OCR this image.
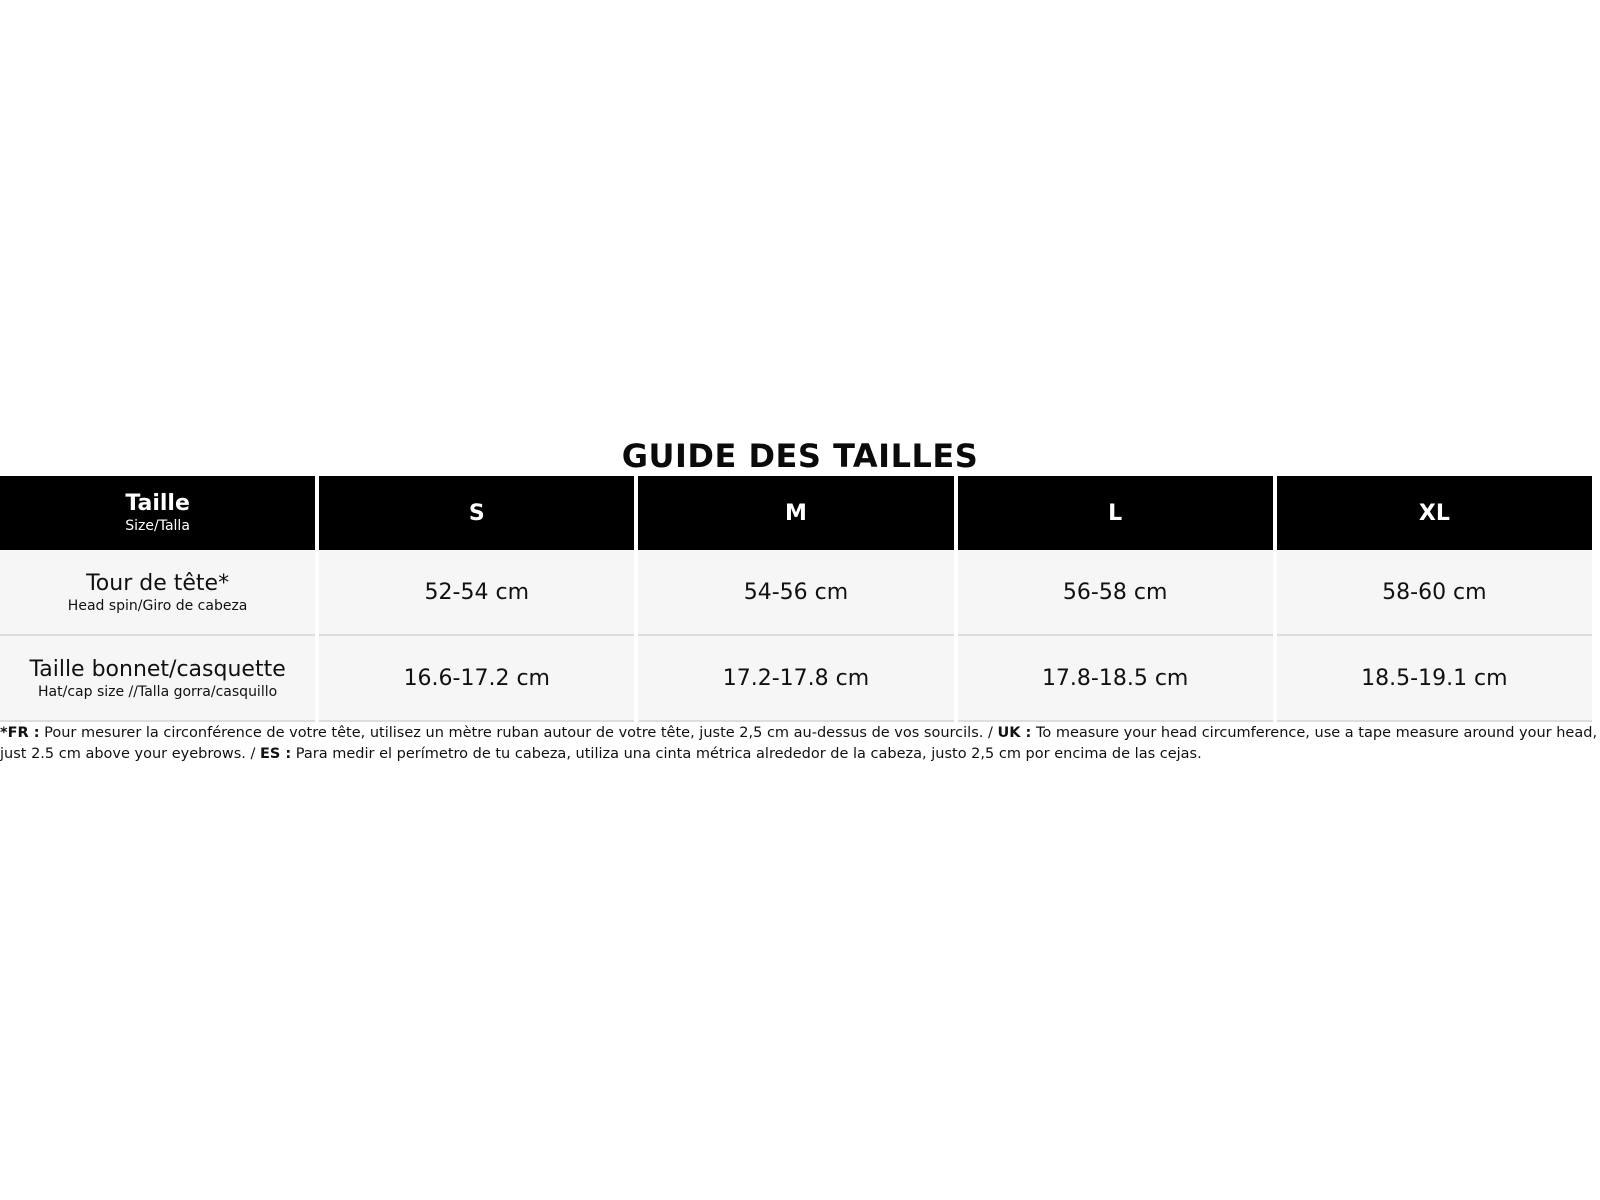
GUIDE DES TAILLES
Taille
Size/Talla	S	M	L	XL

Tour de tête*
Head spin/Giro de cabeza	52-54 cm	54-56 cm	56-58 cm	58-60 cm

Taille bonnet/casquette
Hat/cap size //Talla gorra/casquillo	16.6-17.2 cm	17.2-17.8 cm	17.8-18.5 cm	18.5-19.1 cm
*FR : Pour mesurer la circonférence de votre tête, utilisez un mètre ruban autour de votre tête, juste 2,5 cm au-dessus de vos sourcils. / UK : To measure your head circumference, use a tape measure around your head, just 2.5 cm above your eyebrows. / ES : Para medir el perímetro de tu cabeza, utiliza una cinta métrica alrededor de la cabeza, justo 2,5 cm por encima de las cejas.
